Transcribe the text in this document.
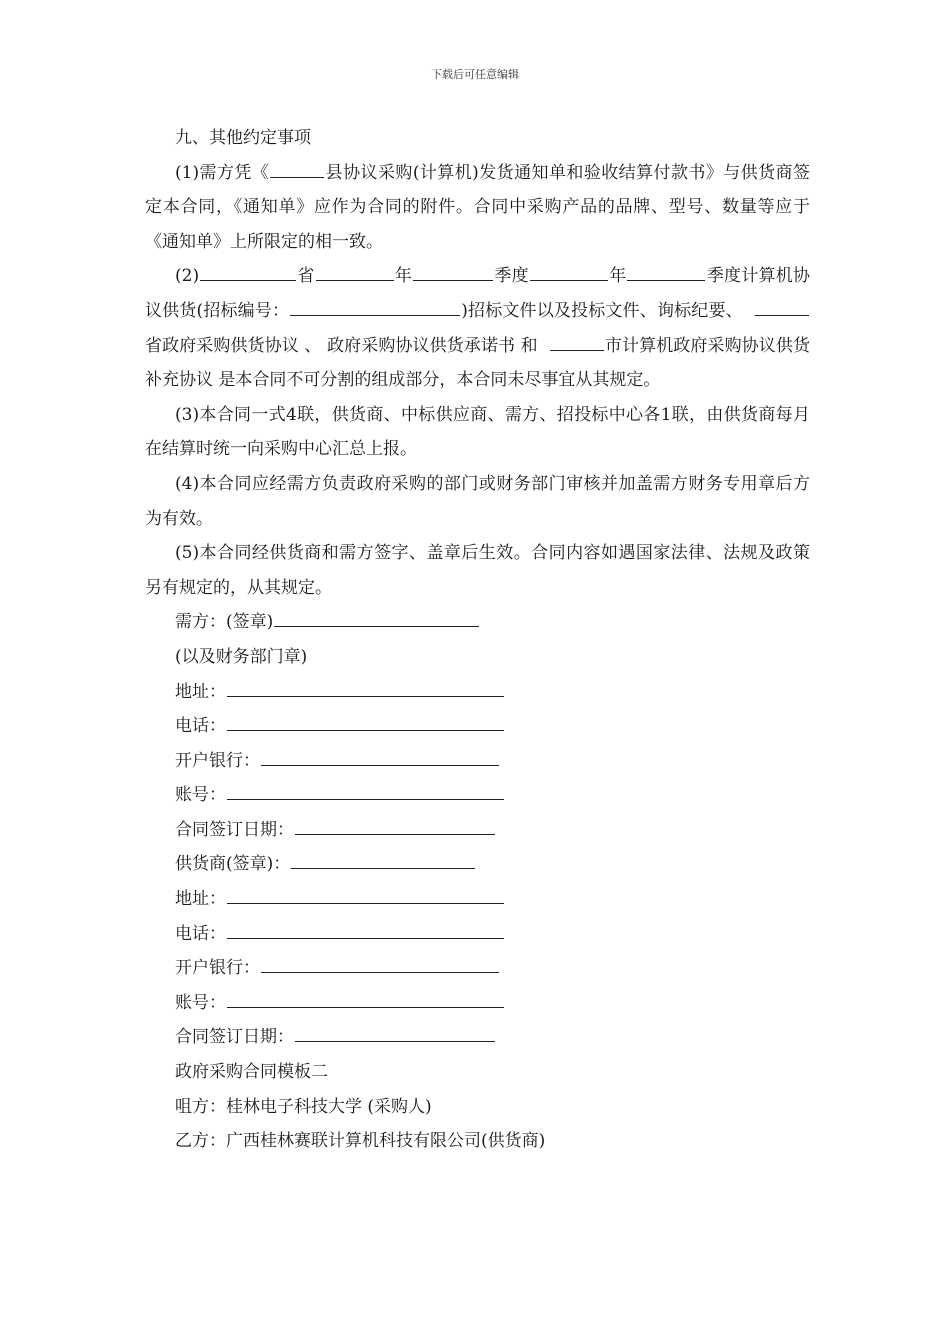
下载后可任意编辑

九、其他约定事项

(1)需方凭《	县协议采购(计算机)发货通知单和验收结算付款书》与供货商签定本合同，《通知单》应作为合同的附件。合同中采购产品的品牌、型号、数量等应于《通知单》上所限定的相一致。

(2)	省	年	季度	年	季度计算机协议供货(招标编号：	)招标文件以及投标文件、询标纪要、  省政府采购供货协议 、 政府采购协议供货承诺书 和	市计算机政府采购协议供货补充协议 是本合同不可分割的组成部分，本合同未尽事宜从其规定。

(3)本合同一式4联，供货商、中标供应商、需方、招投标中心各1联，由供货商每月在结算时统一向采购中心汇总上报。

(4)本合同应经需方负责政府采购的部门或财务部门审核并加盖需方财务专用章后方为有效。

(5)本合同经供货商和需方签字、盖章后生效。合同内容如遇国家法律、法规及政策另有规定的，从其规定。

需方：(签章)

(以及财务部门章)

地址：

电话：

开户银行：

账号：

合同签订日期：

供货商(签章)：

地址：

电话：

开户银行：

账号：

合同签订日期：

政府采购合同模板二

咀方：桂林电子科技大学 (采购人)

乙方：广西桂林赛联计算机科技有限公司(供货商)
